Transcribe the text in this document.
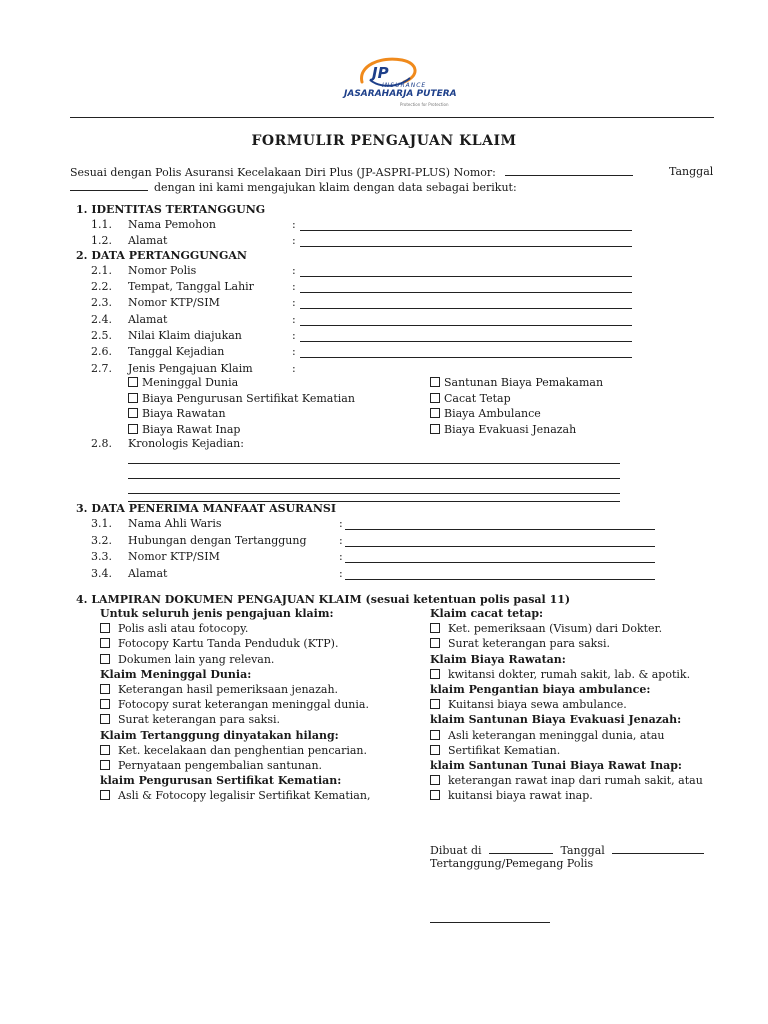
JP
INSURANCE
JASARAHARJA PUTERA
Protection for Protection
FORMULIR PENGAJUAN KLAIM
Sesuai dengan Polis Asuransi Kecelakaan Diri Plus (JP-ASPRI-PLUS) Nomor:	Tanggal
dengan ini kami mengajukan klaim dengan data sebagai berikut:
1. IDENTITAS TERTANGGUNG
1.1. Nama Pemohon	:
1.2. Alamat	:
2. DATA PERTANGGUNGAN
2.1. Nomor Polis	:
2.2. Tempat, Tanggal Lahir	:
2.3. Nomor KTP/SIM	:
2.4. Alamat	:
2.5. Nilai Klaim diajukan	:
2.6. Tanggal Kejadian	:
2.7. Jenis Pengajuan Klaim	:
Meninggal Dunia
Biaya Pengurusan Sertifikat Kematian
Biaya Rawatan
Biaya Rawat Inap
Santunan Biaya Pemakaman
Cacat Tetap
Biaya Ambulance
Biaya Evakuasi Jenazah
2.8. Kronologis Kejadian:
3. DATA PENERIMA MANFAAT ASURANSI
3.1. Nama Ahli Waris	:
3.2. Hubungan dengan Tertanggung	:
3.3. Nomor KTP/SIM	:
3.4. Alamat	:
4. LAMPIRAN DOKUMEN PENGAJUAN KLAIM (sesuai ketentuan polis pasal 11)
Untuk seluruh jenis pengajuan klaim:
Polis asli atau fotocopy.
Fotocopy Kartu Tanda Penduduk (KTP).
Dokumen lain yang relevan.
Klaim Meninggal Dunia:
Keterangan hasil pemeriksaan jenazah.
Fotocopy surat keterangan meninggal dunia.
Surat keterangan para saksi.
Klaim Tertanggung dinyatakan hilang:
Ket. kecelakaan dan penghentian pencarian.
Pernyataan pengembalian santunan.
klaim Pengurusan Sertifikat Kematian:
Asli & Fotocopy legalisir Sertifikat Kematian,
Klaim cacat tetap:
Ket. pemeriksaan (Visum) dari Dokter.
Surat keterangan para saksi.
Klaim Biaya Rawatan:
kwitansi dokter, rumah sakit, lab. & apotik.
klaim Pengantian biaya ambulance:
Kuitansi biaya sewa ambulance.
klaim Santunan Biaya Evakuasi Jenazah:
Asli keterangan meninggal dunia, atau
Sertifikat Kematian.
klaim Santunan Tunai Biaya Rawat Inap:
keterangan rawat inap dari rumah sakit, atau
kuitansi biaya rawat inap.
Dibuat di	Tanggal
Tertanggung/Pemegang Polis
